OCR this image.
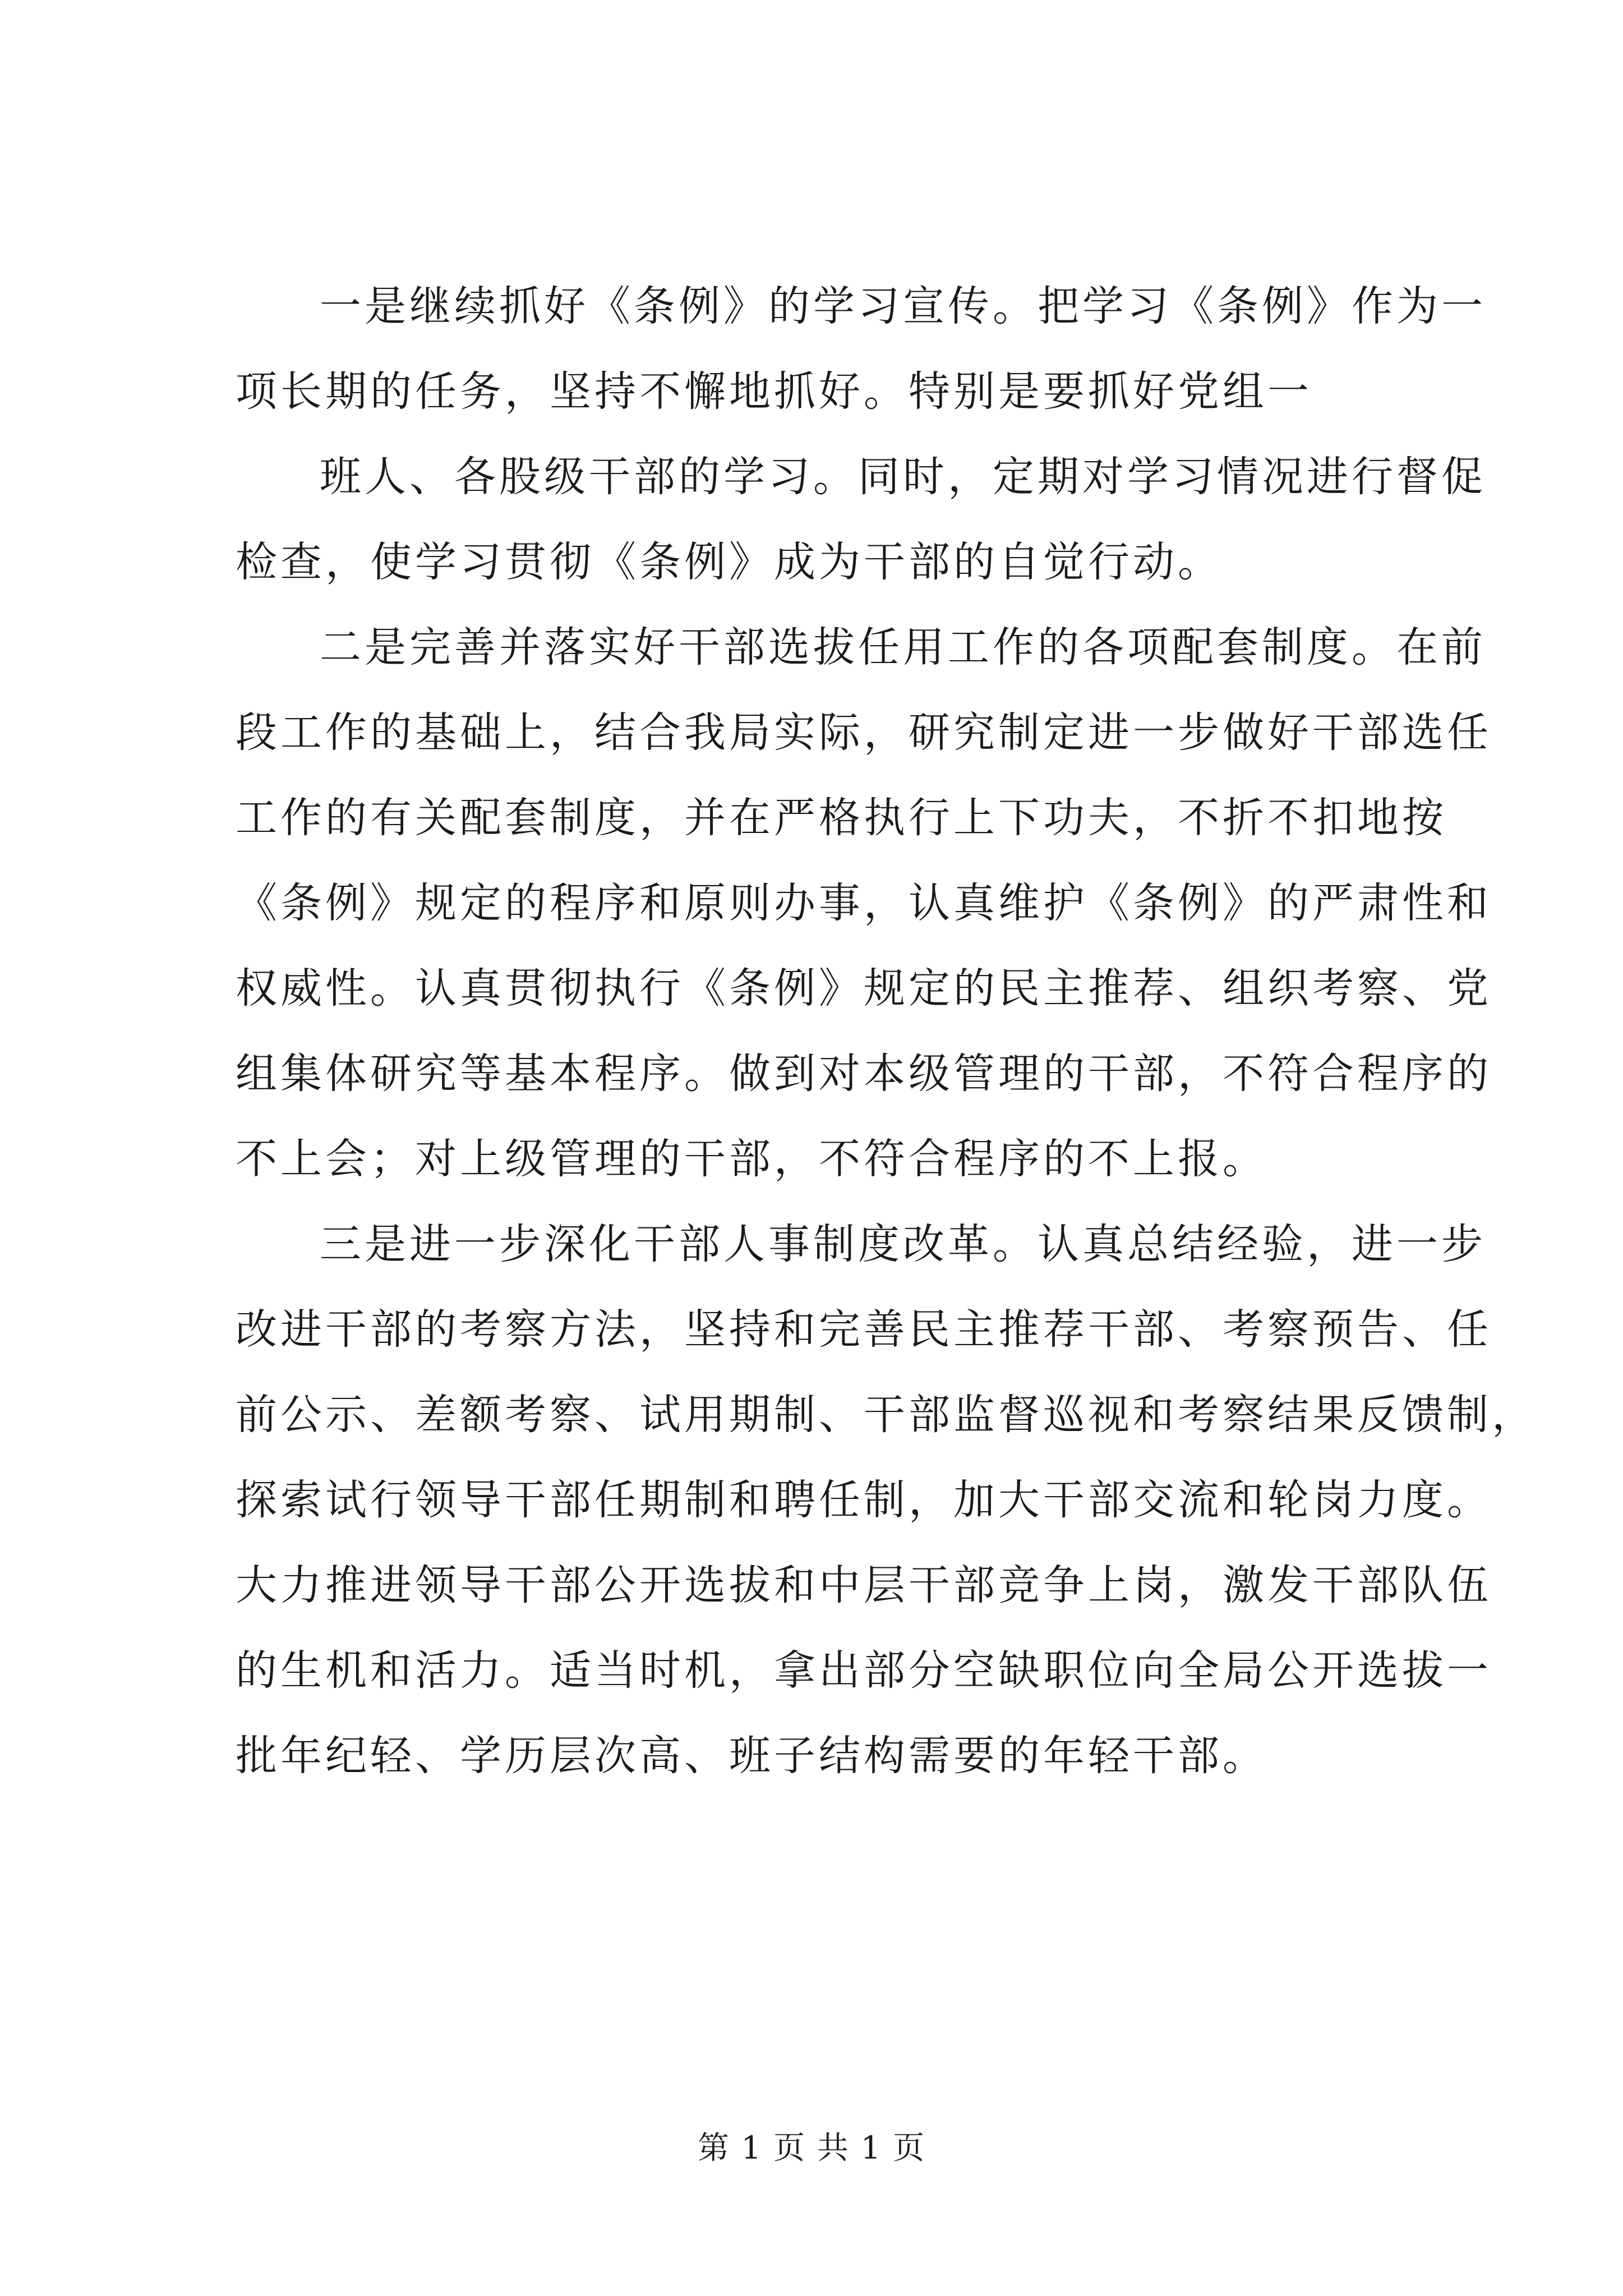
一是继续抓好《条例》的学习宣传。把学习《条例》作为一
项长期的任务，坚持不懈地抓好。特别是要抓好党组一
班人、各股级干部的学习。同时，定期对学习情况进行督促
检查，使学习贯彻《条例》成为干部的自觉行动。
二是完善并落实好干部选拔任用工作的各项配套制度。在前
段工作的基础上，结合我局实际，研究制定进一步做好干部选任
工作的有关配套制度，并在严格执行上下功夫，不折不扣地按
《条例》规定的程序和原则办事，认真维护《条例》的严肃性和
权威性。认真贯彻执行《条例》规定的民主推荐、组织考察、党
组集体研究等基本程序。做到对本级管理的干部，不符合程序的
不上会；对上级管理的干部，不符合程序的不上报。
三是进一步深化干部人事制度改革。认真总结经验，进一步
改进干部的考察方法，坚持和完善民主推荐干部、考察预告、任
前公示、差额考察、试用期制、干部监督巡视和考察结果反馈制，
探索试行领导干部任期制和聘任制，加大干部交流和轮岗力度。
大力推进领导干部公开选拔和中层干部竞争上岗，激发干部队伍
的生机和活力。适当时机，拿出部分空缺职位向全局公开选拔一
批年纪轻、学历层次高、班子结构需要的年轻干部。
第 1 页 共 1 页
